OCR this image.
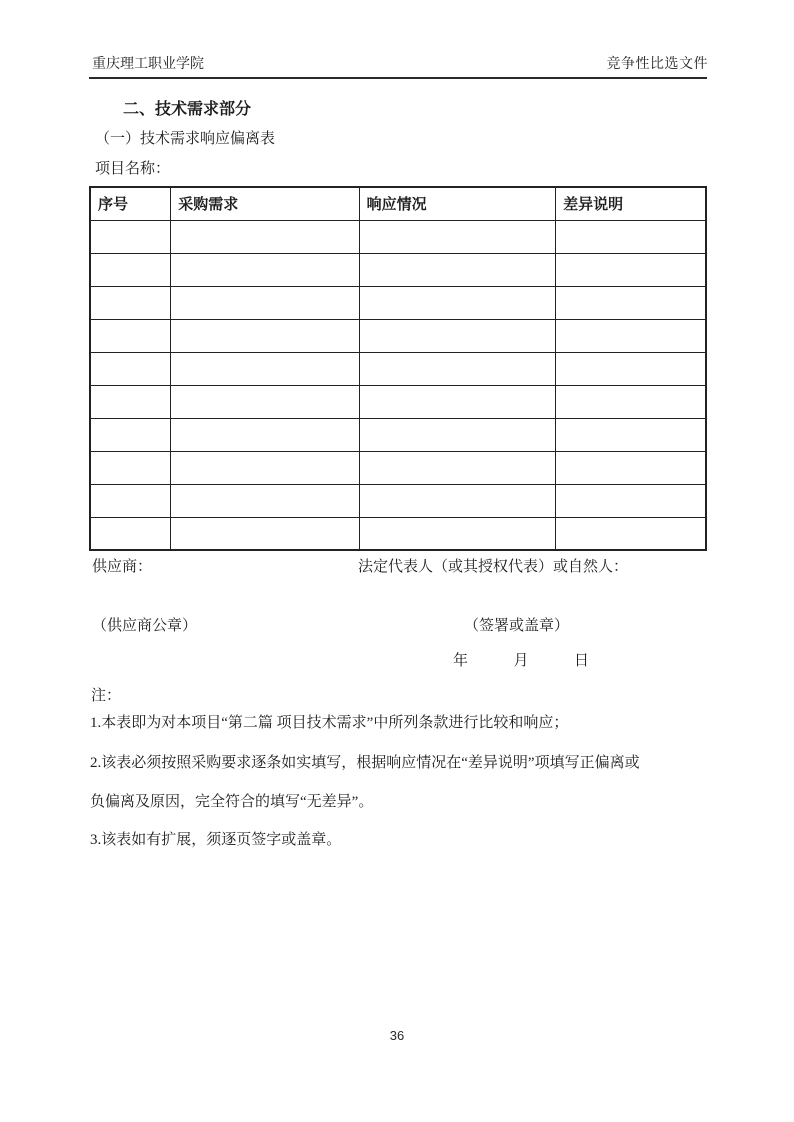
重庆理工职业学院	竞争性比选文件
二、技术需求部分
（一）技术需求响应偏离表
项目名称：
序号	采购需求	响应情况	差异说明

供应商：	法定代表人（或其授权代表）或自然人：
（供应商公章）	（签署或盖章）
年	月	日
注：
1.本表即为对本项目“第二篇 项目技术需求”中所列条款进行比较和响应；
2.该表必须按照采购要求逐条如实填写，根据响应情况在“差异说明”项填写正偏离或
负偏离及原因，完全符合的填写“无差异”。
3.该表如有扩展，须逐页签字或盖章。
36
